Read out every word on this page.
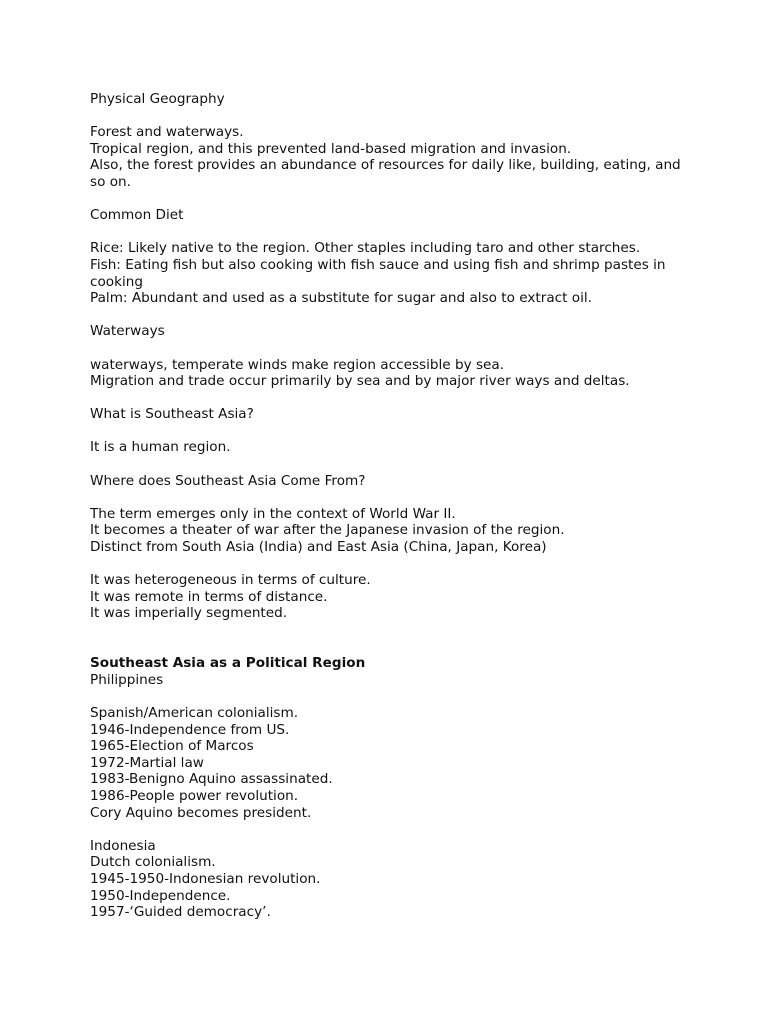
Physical Geography
Forest and waterways.
Tropical region, and this prevented land-based migration and invasion.
Also, the forest provides an abundance of resources for daily like, building, eating, and so on.
Common Diet
Rice: Likely native to the region. Other staples including taro and other starches.
Fish: Eating fish but also cooking with fish sauce and using fish and shrimp pastes in cooking
Palm: Abundant and used as a substitute for sugar and also to extract oil.
Waterways
waterways, temperate winds make region accessible by sea.
Migration and trade occur primarily by sea and by major river ways and deltas.
What is Southeast Asia?
It is a human region.
Where does Southeast Asia Come From?
The term emerges only in the context of World War II.
It becomes a theater of war after the Japanese invasion of the region.
Distinct from South Asia (India) and East Asia (China, Japan, Korea)
It was heterogeneous in terms of culture.
It was remote in terms of distance.
It was imperially segmented.
Southeast Asia as a Political Region
Philippines
Spanish/American colonialism.
1946-Independence from US.
1965-Election of Marcos
1972-Martial law
1983-Benigno Aquino assassinated.
1986-People power revolution.
Cory Aquino becomes president.
Indonesia
Dutch colonialism.
1945-1950-Indonesian revolution.
1950-Independence.
1957-‘Guided democracy’.
